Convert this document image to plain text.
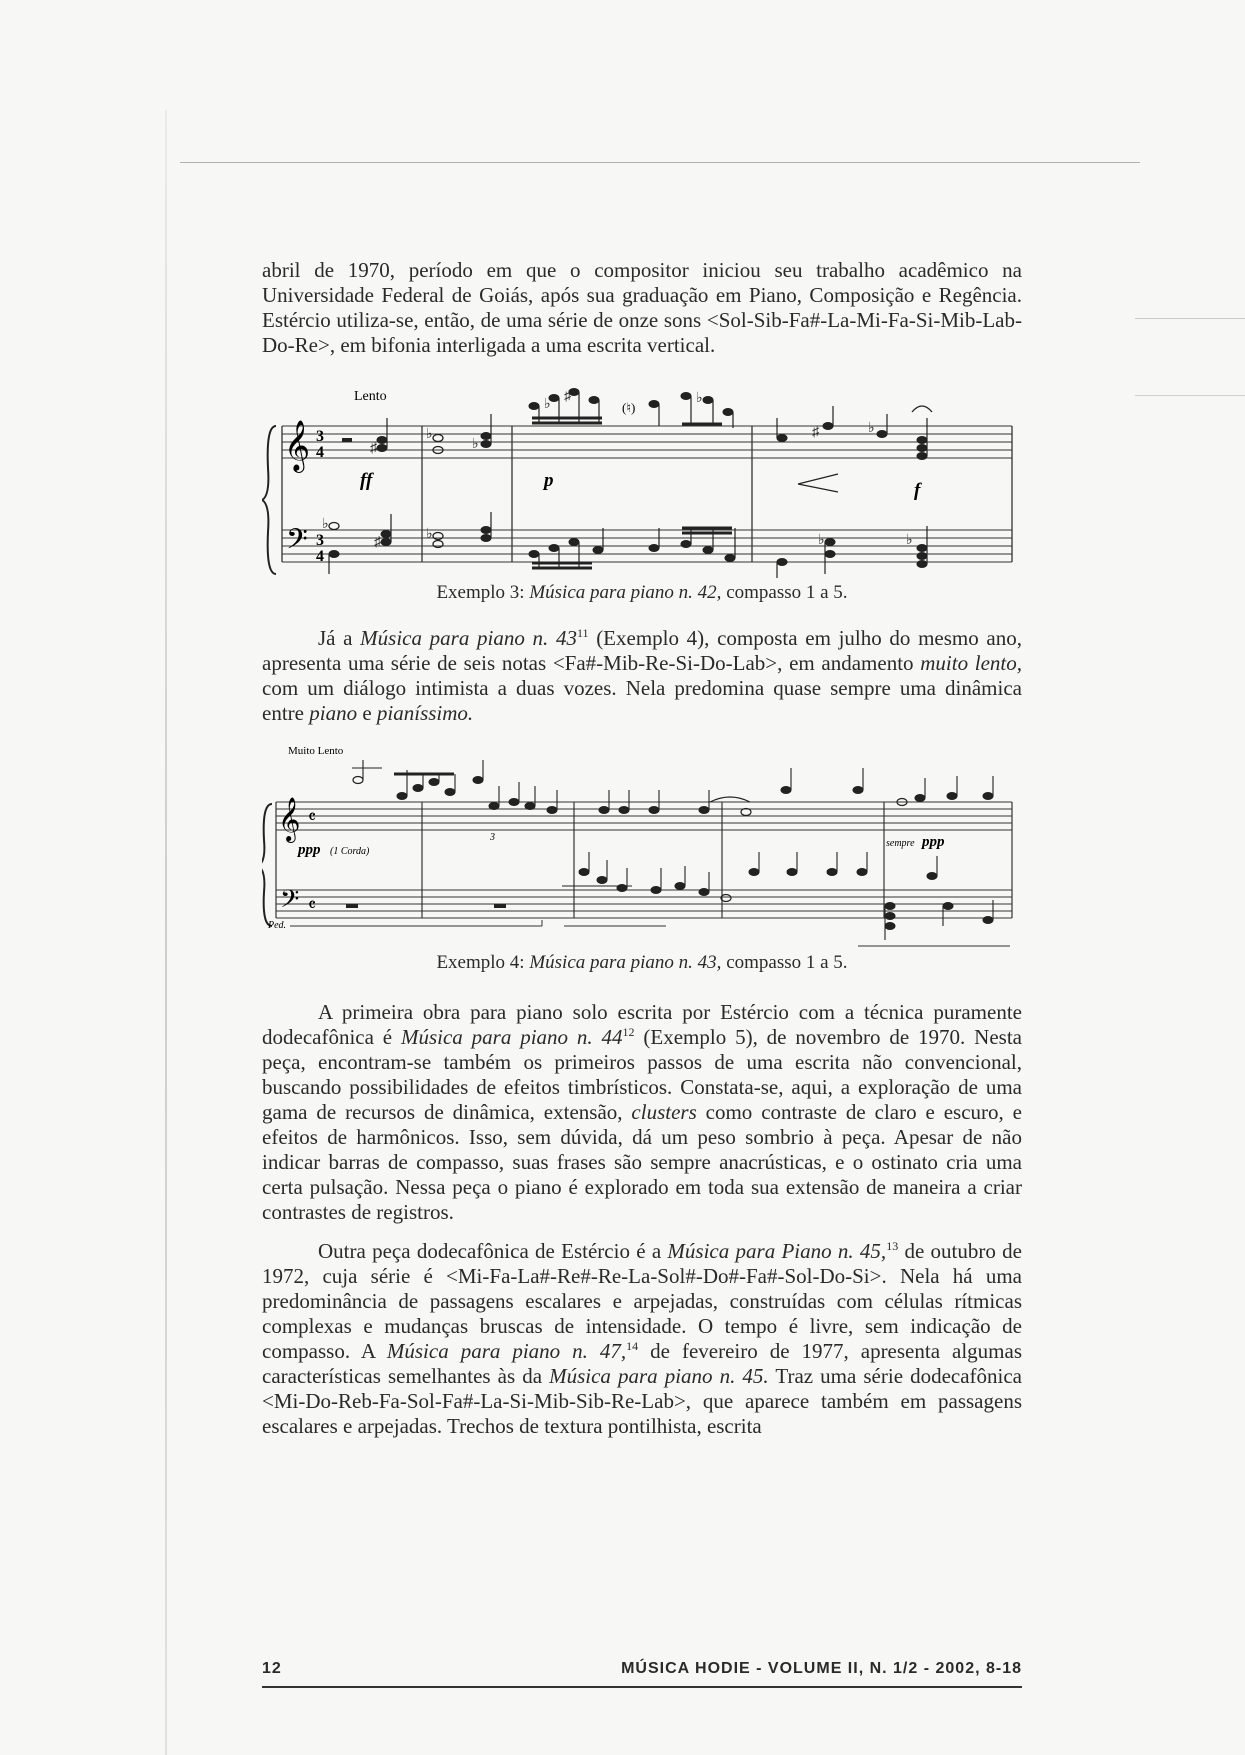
abril de 1970, período em que o compositor iniciou seu trabalho acadêmico na Universidade Federal de Goiás, após sua graduação em Piano, Composição e Regência. Estércio utiliza-se, então, de uma série de onze sons <Sol-Sib-Fa#-La-Mi-Fa-Si-Mib-Lab-Do-Re>, em bifonia interligada a uma escrita vertical.

Lento
𝄞
𝄢
3
4
3
4
♯
♭
♭
♭
♯	♭
♯	♭
(♮)
ff	p	f
♭
♯
♭	♭	♭

Exemplo 3: Música para piano n. 42, compasso 1 a 5.

Já a Música para piano n. $43^{11}$ (Exemplo 4), composta em julho do mesmo ano, apresenta uma série de seis notas <Fa#-Mib-Re-Si-Do-Lab>, em andamento muito lento, com um diálogo intimista a duas vozes. Nela predomina quase sempre uma dinâmica entre piano e pianíssimo.

Muito Lento
𝄞
𝄢
𝄴
𝄴
3
ppp (1 Corda)
sempre ppp
Ped.

Exemplo 4: Música para piano n. 43, compasso 1 a 5.

A primeira obra para piano solo escrita por Estércio com a técnica puramente dodecafônica é Música para piano n. $44^{12}$ (Exemplo 5), de novembro de 1970. Nesta peça, encontram-se também os primeiros passos de uma escrita não convencional, buscando possibilidades de efeitos timbrísticos. Constata-se, aqui, a exploração de uma gama de recursos de dinâmica, extensão, clusters como contraste de claro e escuro, e efeitos de harmônicos. Isso, sem dúvida, dá um peso sombrio à peça. Apesar de não indicar barras de compasso, suas frases são sempre anacrústicas, e o ostinato cria uma certa pulsação. Nessa peça o piano é explorado em toda sua extensão de maneira a criar contrastes de registros.

Outra peça dodecafônica de Estércio é a Música para Piano n. 45,13 de outubro de 1972, cuja série é <Mi-Fa-La#-Re#-Re-La-Sol#-Do#-Fa#-Sol-Do-Si>. Nela há uma predominância de passagens escalares e arpejadas, construídas com células rítmicas complexas e mudanças bruscas de intensidade. O tempo é livre, sem indicação de compasso. A Música para piano n. 47,14 de fevereiro de 1977, apresenta algumas características semelhantes às da Música para piano n. 45. Traz uma série dodecafônica <Mi-Do-Reb-Fa-Sol-Fa#-La-Si-Mib-Sib-Re-Lab>, que aparece também em passagens escalares e arpejadas. Trechos de textura pontilhista, escrita

12	MÚSICA HODIE - VOLUME II, N. 1/2 - 2002, 8-18
